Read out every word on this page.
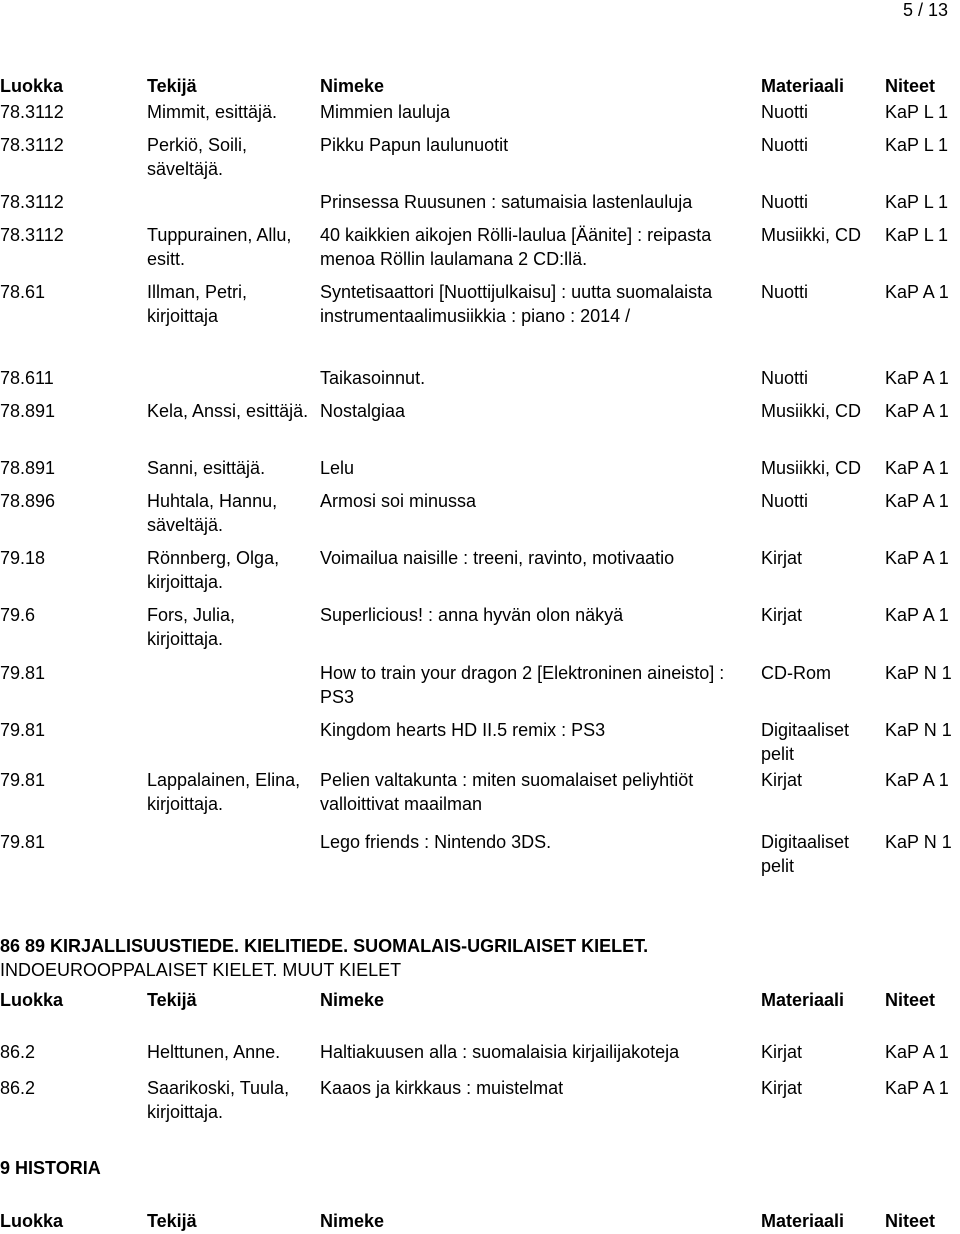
5 / 13
Luokka	Tekijä	Nimeke	Materiaali	Niteet
78.3112	Mimmit, esittäjä.	Mimmien lauluja	Nuotti	KaP L 1
78.3112	Perkiö, Soili, säveltäjä.	Pikku Papun laulunuotit	Nuotti	KaP L 1
78.3112		Prinsessa Ruusunen : satumaisia lastenlauluja	Nuotti	KaP L 1
78.3112	Tuppurainen, Allu, esitt.	40 kaikkien aikojen Rölli-laulua [Äänite] : reipasta menoa Röllin laulamana 2 CD:llä.	Musiikki, CD	KaP L 1
78.61	Illman, Petri, kirjoittaja	Syntetisaattori [Nuottijulkaisu] : uutta suomalaista instrumentaalimusiikkia : piano : 2014 /	Nuotti	KaP A 1
78.611		Taikasoinnut.	Nuotti	KaP A 1
78.891	Kela, Anssi, esittäjä.	Nostalgiaa	Musiikki, CD	KaP A 1
78.891	Sanni, esittäjä.	Lelu	Musiikki, CD	KaP A 1
78.896	Huhtala, Hannu, säveltäjä.	Armosi soi minussa	Nuotti	KaP A 1
79.18	Rönnberg, Olga, kirjoittaja.	Voimailua naisille : treeni, ravinto, motivaatio	Kirjat	KaP A 1
79.6	Fors, Julia, kirjoittaja.	Superlicious! : anna hyvän olon näkyä	Kirjat	KaP A 1
79.81		How to train your dragon 2 [Elektroninen aineisto] : PS3	CD-Rom	KaP N 1
79.81		Kingdom hearts HD II.5 remix : PS3	Digitaaliset pelit	KaP N 1
79.81	Lappalainen, Elina, kirjoittaja.	Pelien valtakunta : miten suomalaiset peliyhtiöt valloittivat maailman	Kirjat	KaP A 1
79.81		Lego friends : Nintendo 3DS.	Digitaaliset pelit	KaP N 1
86 89 KIRJALLISUUSTIEDE. KIELITIEDE. SUOMALAIS-UGRILAISET KIELET.
INDOEUROOPPALAISET KIELET. MUUT KIELET
Luokka	Tekijä	Nimeke	Materiaali	Niteet
86.2	Helttunen, Anne.	Haltiakuusen alla : suomalaisia kirjailijakoteja	Kirjat	KaP A 1
86.2	Saarikoski, Tuula, kirjoittaja.	Kaaos ja kirkkaus : muistelmat	Kirjat	KaP A 1
9 HISTORIA
Luokka	Tekijä	Nimeke	Materiaali	Niteet
